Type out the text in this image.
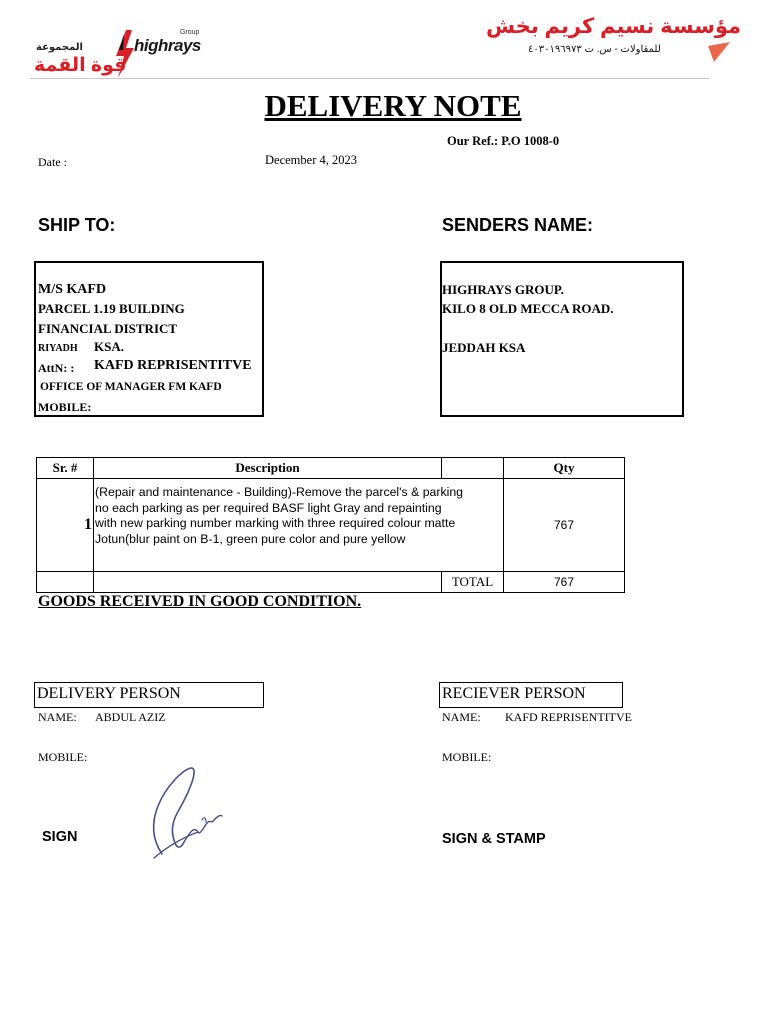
المجموعة
قوة القمة
highrays
Group	مؤسسة نسيم كريم بخش
للمقاولات - س. ت ٤٠٣٠١٩٦٩٧٣
DELIVERY NOTE
Our Ref.: P.O 1008-0
Date :	December 4, 2023
SHIP TO:	SENDERS NAME:
M/S KAFD
PARCEL 1.19 BUILDING
FINANCIAL DISTRICT
RIYADH KSA.
AttN: : KAFD REPRISENTITVE
OFFICE OF MANAGER FM KAFD
MOBILE:
HIGHRAYS GROUP.
KILO 8 OLD MECCA ROAD.
JEDDAH KSA
Sr. #	Description		Qty
1	(Repair and maintenance - Building)-Remove the parcel's & parking
no each parking as per required BASF light Gray and repainting
with new parking number marking with three required colour matte
Jotun(blur paint on B-1, green pure color and pure yellow		767
		TOTAL	767
GOODS RECEIVED IN GOOD CONDITION.
DELIVERY PERSON
NAME: ABDUL AZIZ
MOBILE:
SIGN
RECIEVER PERSON
NAME: KAFD REPRISENTITVE
MOBILE:
SIGN & STAMP
